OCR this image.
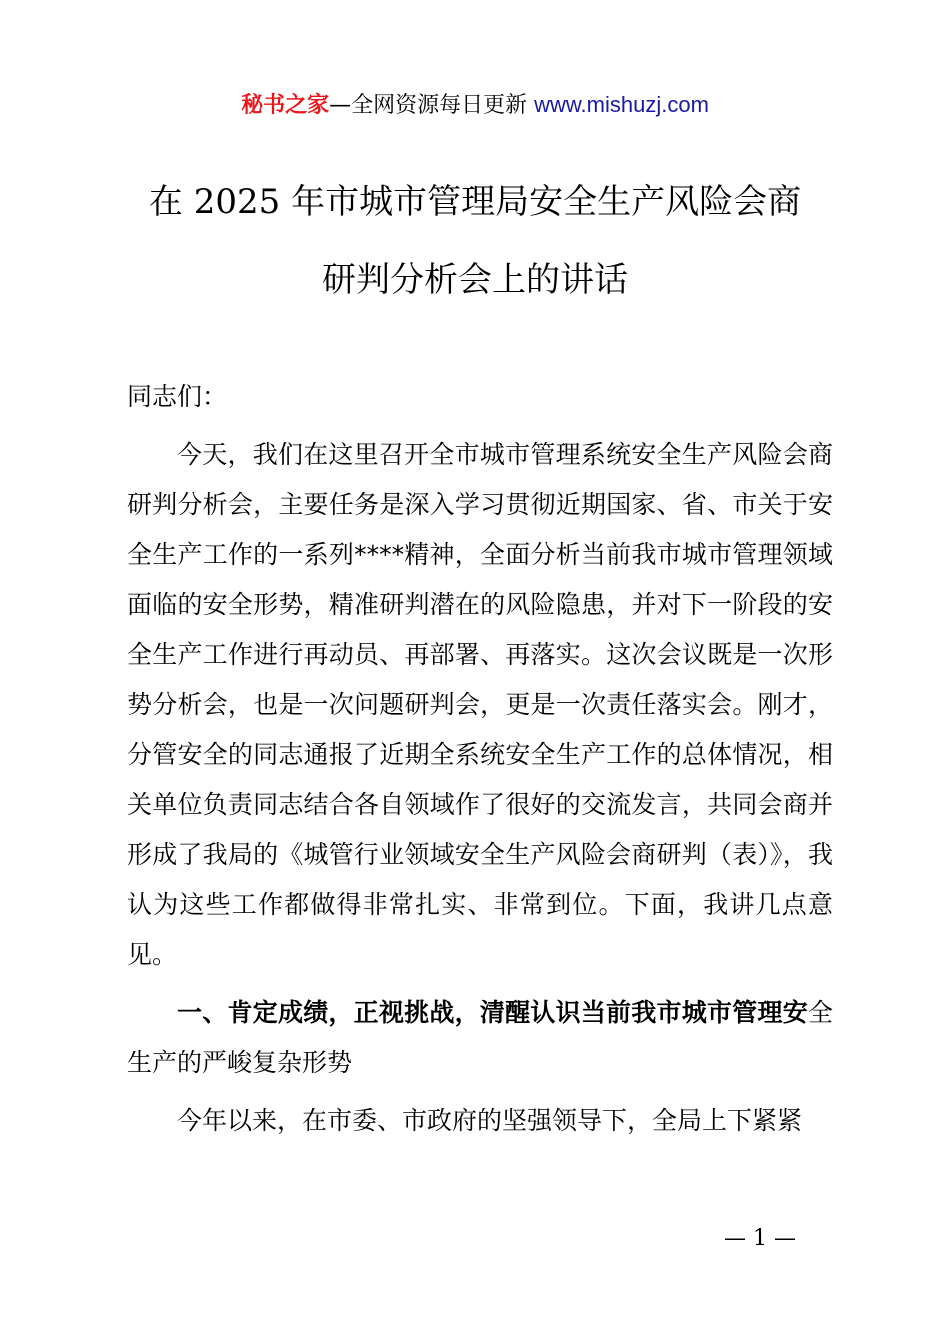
秘书之家—全网资源每日更新 www.mishuzj.com
在 2025 年市城市管理局安全生产风险会商
研判分析会上的讲话

同志们：

今天，我们在这里召开全市城市管理系统安全生产风险会商研判分析会，主要任务是深入学习贯彻近期国家、省、市关于安全生产工作的一系列****精神，全面分析当前我市城市管理领域面临的安全形势，精准研判潜在的风险隐患，并对下一阶段的安全生产工作进行再动员、再部署、再落实。这次会议既是一次形势分析会，也是一次问题研判会，更是一次责任落实会。刚才，分管安全的同志通报了近期全系统安全生产工作的总体情况，相关单位负责同志结合各自领域作了很好的交流发言，共同会商并形成了我局的《城管行业领域安全生产风险会商研判（表）》，我认为这些工作都做得非常扎实、非常到位。下面，我讲几点意见。

一、肯定成绩，正视挑战，清醒认识当前我市城市管理安全生产的严峻复杂形势

今年以来，在市委、市政府的坚强领导下，全局上下紧紧

— 1 —
